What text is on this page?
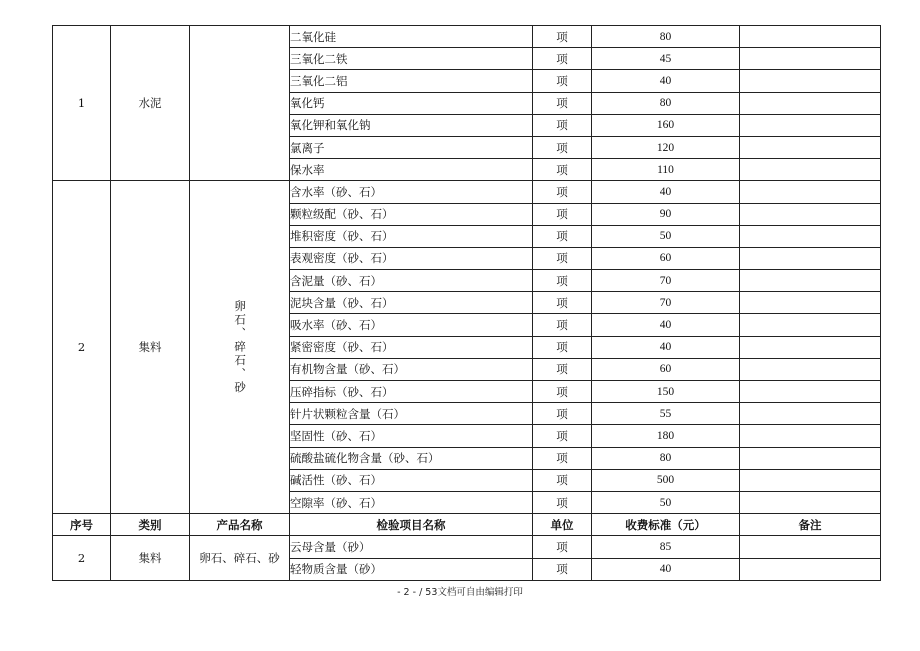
1	水泥		二氧化硅	项	80	
			三氧化二铁	项	45	
			三氧化二铝	项	40	
			氧化钙	项	80	
			氧化钾和氧化钠	项	160	
			氯离子	项	120	
			保水率	项	110	
2	集料	卵石、碎石、砂	含水率（砂、石）	项	40	
			颗粒级配（砂、石）	项	90	
			堆积密度（砂、石）	项	50	
			表观密度（砂、石）	项	60	
			含泥量（砂、石）	项	70	
			泥块含量（砂、石）	项	70	
			吸水率（砂、石）	项	40	
			紧密密度（砂、石）	项	40	
			有机物含量（砂、石）	项	60	
			压碎指标（砂、石）	项	150	
			针片状颗粒含量（石）	项	55	
			坚固性（砂、石）	项	180	
			硫酸盐硫化物含量（砂、石）	项	80	
			碱活性（砂、石）	项	500	
			空隙率（砂、石）	项	50	
序号	类别	产品名称	检验项目名称	单位	收费标准（元）	备注
2	集料	卵石、碎石、砂	云母含量（砂）	项	85	
			轻物质含量（砂）	项	40	
- 2 - / 53文档可自由编辑打印
